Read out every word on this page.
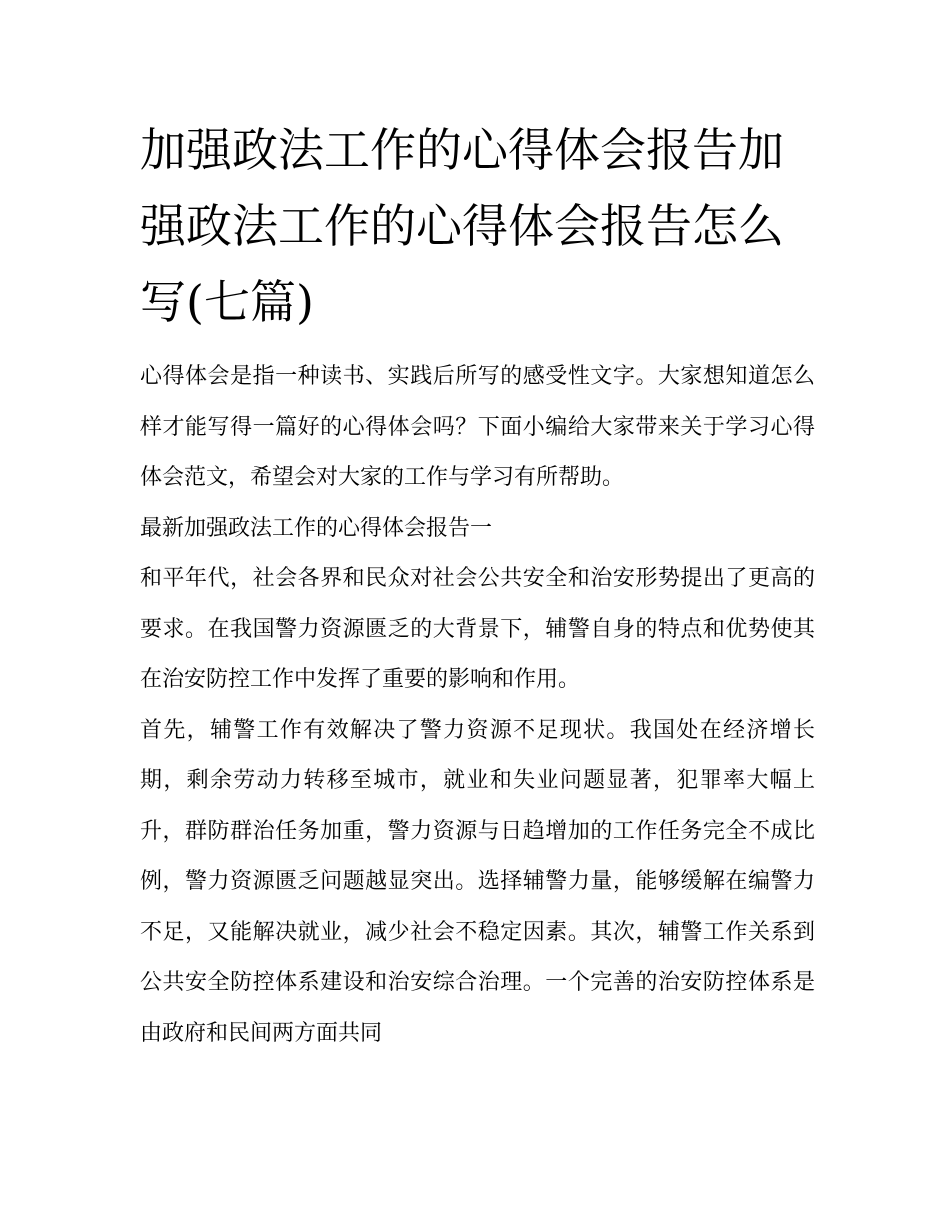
加强政法工作的心得体会报告加强政法工作的心得体会报告怎么写(七篇)

心得体会是指一种读书、实践后所写的感受性文字。大家想知道怎么样才能写得一篇好的心得体会吗？下面小编给大家带来关于学习心得体会范文，希望会对大家的工作与学习有所帮助。

最新加强政法工作的心得体会报告一

和平年代，社会各界和民众对社会公共安全和治安形势提出了更高的要求。在我国警力资源匮乏的大背景下，辅警自身的特点和优势使其在治安防控工作中发挥了重要的影响和作用。

首先，辅警工作有效解决了警力资源不足现状。我国处在经济增长期，剩余劳动力转移至城市，就业和失业问题显著，犯罪率大幅上升，群防群治任务加重，警力资源与日趋增加的工作任务完全不成比例，警力资源匮乏问题越显突出。选择辅警力量，能够缓解在编警力不足，又能解决就业，减少社会不稳定因素。其次，辅警工作关系到公共安全防控体系建设和治安综合治理。一个完善的治安防控体系是由政府和民间两方面共同
